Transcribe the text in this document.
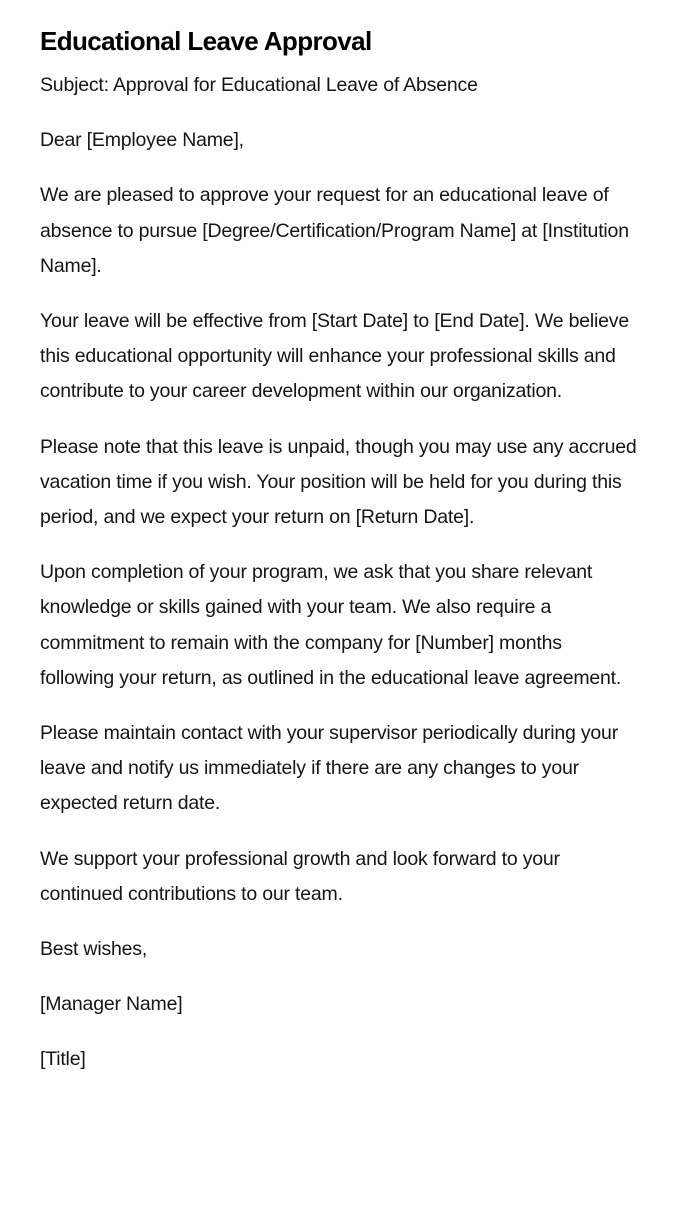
Educational Leave Approval

Subject: Approval for Educational Leave of Absence

Dear [Employee Name],

We are pleased to approve your request for an educational leave of absence to pursue [Degree/Certification/Program Name] at [Institution Name].

Your leave will be effective from [Start Date] to [End Date]. We believe this educational opportunity will enhance your professional skills and contribute to your career development within our organization.

Please note that this leave is unpaid, though you may use any accrued vacation time if you wish. Your position will be held for you during this period, and we expect your return on [Return Date].

Upon completion of your program, we ask that you share relevant knowledge or skills gained with your team. We also require a commitment to remain with the company for [Number] months following your return, as outlined in the educational leave agreement.

Please maintain contact with your supervisor periodically during your leave and notify us immediately if there are any changes to your expected return date.

We support your professional growth and look forward to your continued contributions to our team.

Best wishes,

[Manager Name]

[Title]
